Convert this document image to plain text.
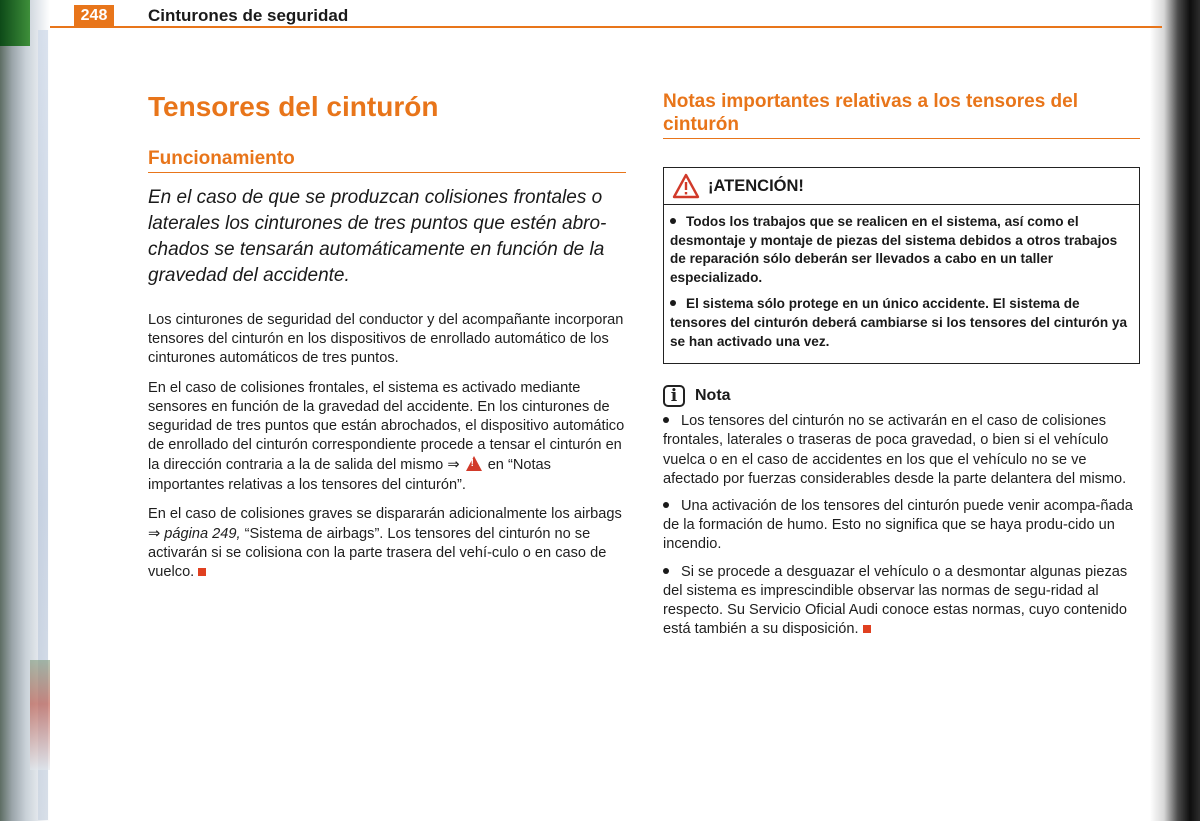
248	Cinturones de seguridad
Tensores del cinturón
Funcionamiento
En el caso de que se produzcan colisiones frontales o laterales los cinturones de tres puntos que estén abro-chados se tensarán automáticamente en función de la gravedad del accidente.

Los cinturones de seguridad del conductor y del acompañante incorporan tensores del cinturón en los dispositivos de enrollado automático de los cinturones automáticos de tres puntos.

En el caso de colisiones frontales, el sistema es activado mediante sensores en función de la gravedad del accidente. En los cinturones de seguridad de tres puntos que están abrochados, el dispositivo automático de enrollado del cinturón correspondiente procede a tensar el cinturón en la dirección contraria a la de salida del mismo ⇒ ! en “Notas importantes relativas a los tensores del cinturón”.

En el caso de colisiones graves se dispararán adicionalmente los airbags ⇒ página 249, “Sistema de airbags”. Los tensores del cinturón no se activarán si se colisiona con la parte trasera del vehí-culo o en caso de vuelco.

Notas importantes relativas a los tensores del cinturón
¡ATENCIÓN!
Todos los trabajos que se realicen en el sistema, así como el desmontaje y montaje de piezas del sistema debidos a otros trabajos de reparación sólo deberán ser llevados a cabo en un taller especializado.
El sistema sólo protege en un único accidente. El sistema de tensores del cinturón deberá cambiarse si los tensores del cinturón ya se han activado una vez.
i	Nota

Los tensores del cinturón no se activarán en el caso de colisiones frontales, laterales o traseras de poca gravedad, o bien si el vehículo vuelca o en el caso de accidentes en los que el vehículo no se ve afectado por fuerzas considerables desde la parte delantera del mismo.

Una activación de los tensores del cinturón puede venir acompa-ñada de la formación de humo. Esto no significa que se haya produ-cido un incendio.

Si se procede a desguazar el vehículo o a desmontar algunas piezas del sistema es imprescindible observar las normas de segu-ridad al respecto. Su Servicio Oficial Audi conoce estas normas, cuyo contenido está también a su disposición.
